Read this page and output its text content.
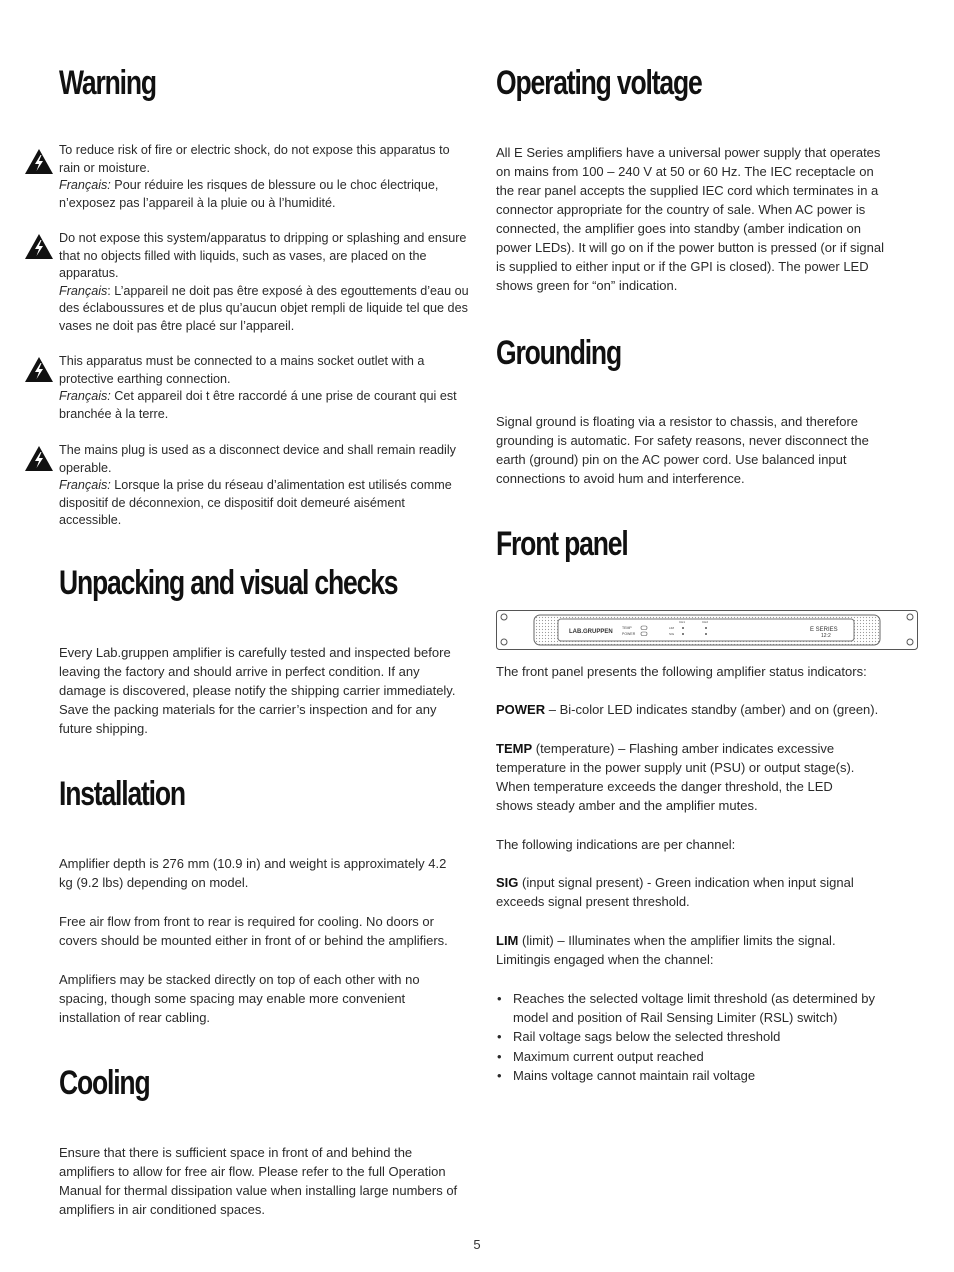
Warning
To reduce risk of fire or electric shock, do not expose this apparatus to rain or moisture.
Français: Pour réduire les risques de blessure ou le choc électrique, n’exposez pas l’appareil à la pluie ou à l’humidité.
Do not expose this system/apparatus to dripping or splashing and ensure that no objects filled with liquids, such as vases, are placed on the apparatus.
Français: L’appareil ne doit pas être exposé à des egouttements d’eau ou des éclaboussures et de plus qu’aucun objet rempli de liquide tel que des vases ne doit pas être placé sur l’appareil.
This apparatus must be connected to a mains socket outlet with a protective earthing connection.
Français: Cet appareil doi t être raccordé á une prise de courant qui est branchée à la terre.
The mains plug is used as a disconnect device and shall remain readily operable.
Français: Lorsque la prise du réseau d’alimentation est utilisés comme dispositif de déconnexion, ce dispositif doit demeuré aisément accessible.
Unpacking and visual checks

Every Lab.gruppen amplifier is carefully tested and inspected before leaving the factory and should arrive in perfect condition. If any damage is discovered, please notify the shipping carrier immediately. Save the packing materials for the carrier’s inspection and for any future shipping.

Installation

Amplifier depth is 276 mm (10.9 in) and weight is approximately 4.2 kg (9.2 lbs) depending on model.

Free air flow from front to rear is required for cooling. No doors or covers should be mounted either in front of or behind the amplifiers.

Amplifiers may be stacked directly on top of each other with no spacing, though some spacing may enable more convenient installation of rear cabling.

Cooling

Ensure that there is sufficient space in front of and behind the amplifiers to allow for free air flow. Please refer to the full Operation Manual for thermal dissipation value when installing large numbers of amplifiers in air conditioned spaces.

Operating voltage

All E Series amplifiers have a universal power supply that operates on mains from 100 – 240 V at 50 or 60 Hz. The IEC receptacle on the rear panel accepts the supplied IEC cord which terminates in a connector appropriate for the country of sale. When AC power is connected, the amplifier goes into standby (amber indication on power LEDs). It will go on if the power button is pressed (or if signal is supplied to either input or if the GPI is closed). The power LED shows green for “on” indication.

Grounding

Signal ground is floating via a resistor to chassis, and therefore grounding is automatic. For safety reasons, never disconnect the earth (ground) pin on the AC power cord. Use balanced input connections to avoid hum and interference.

Front panel
LAB.GRUPPEN
TEMP
POWER
CH1	CH2
LIM
SIG
E SERIES
12:2

The front panel presents the following amplifier status indicators:

POWER – Bi-color LED indicates standby (amber) and on (green).

TEMP (temperature) – Flashing amber indicates excessive temperature in the power supply unit (PSU) or output stage(s). When temperature exceeds the danger threshold, the LED shows steady amber and the amplifier mutes.

The following indications are per channel:

SIG (input signal present) - Green indication when input signal exceeds signal present threshold.

LIM (limit) – Illuminates when the amplifier limits the signal. Limitingis engaged when the channel:

• Reaches the selected voltage limit threshold (as determined by model and position of Rail Sensing Limiter (RSL) switch)
• Rail voltage sags below the selected threshold
• Maximum current output reached
• Mains voltage cannot maintain rail voltage
5
